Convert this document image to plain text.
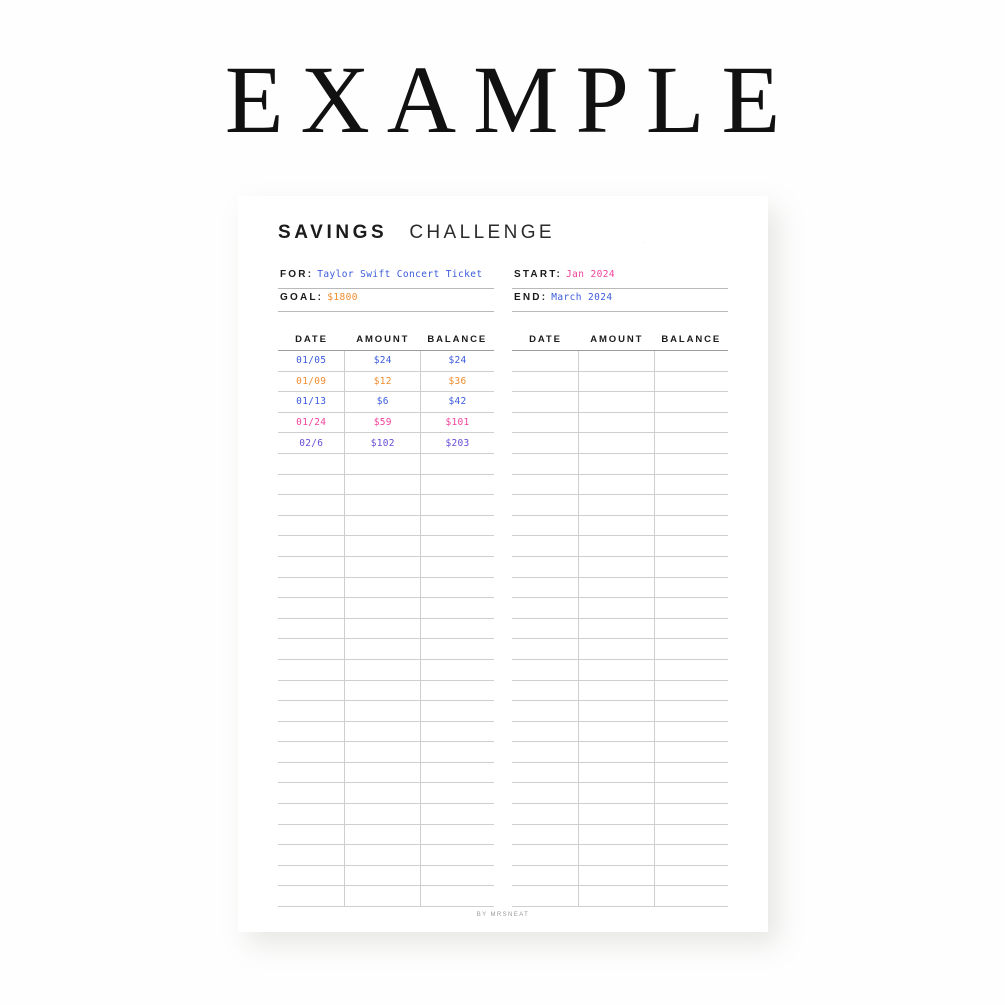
EXAMPLE
·
SAVINGS CHALLENGE
FOR: Taylor Swift Concert Ticket
GOAL: $1800
START: Jan 2024
END: March 2024
DATE	AMOUNT	BALANCE
01/05	$24	$24
01/09	$12	$36
01/13	$6	$42
01/24	$59	$101
02/6	$102	$203

DATE	AMOUNT	BALANCE

BY MRSNEAT
